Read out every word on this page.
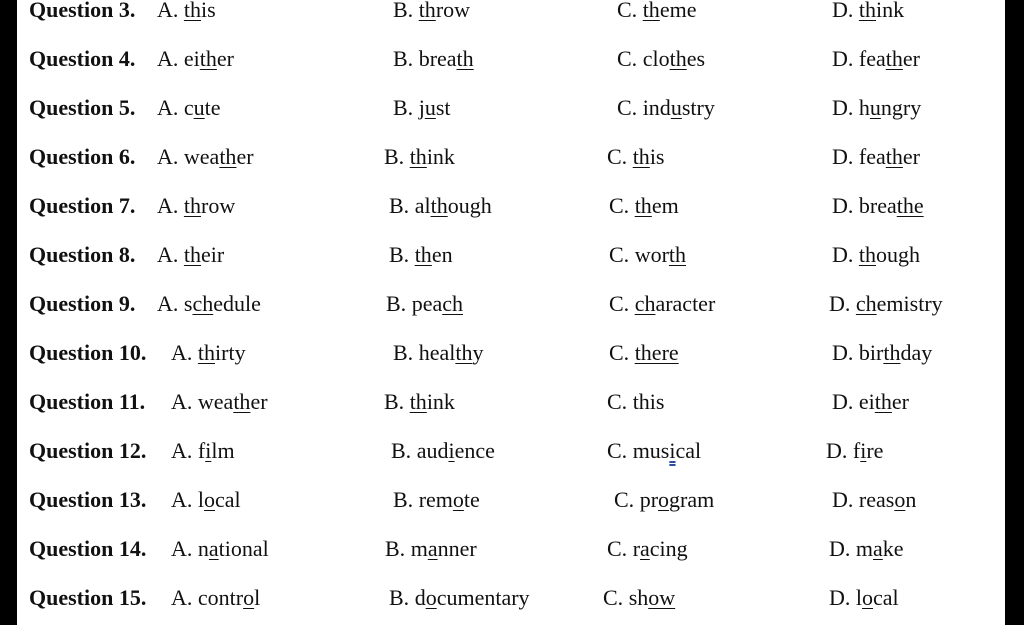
Question 3. A. this	B. throw	C. theme	D. think
Question 4. A. either	B. breath	C. clothes	D. feather
Question 5. A. cute	B. just	C. industry	D. hungry
Question 6. A. weather	B. think	C. this	D. feather
Question 7. A. throw	B. although	C. them	D. breathe
Question 8. A. their	B. then	C. worth	D. though
Question 9. A. schedule	B. peach	C. character	D. chemistry
Question 10. A. thirty	B. healthy	C. there	D. birthday
Question 11. A. weather	B. think	C. this	D. either
Question 12. A. film	B. audience	C. musical	D. fire
Question 13. A. local	B. remote	C. program	D. reason
Question 14. A. national	B. manner	C. racing	D. make
Question 15. A. control	B. documentary	C. show	D. local
